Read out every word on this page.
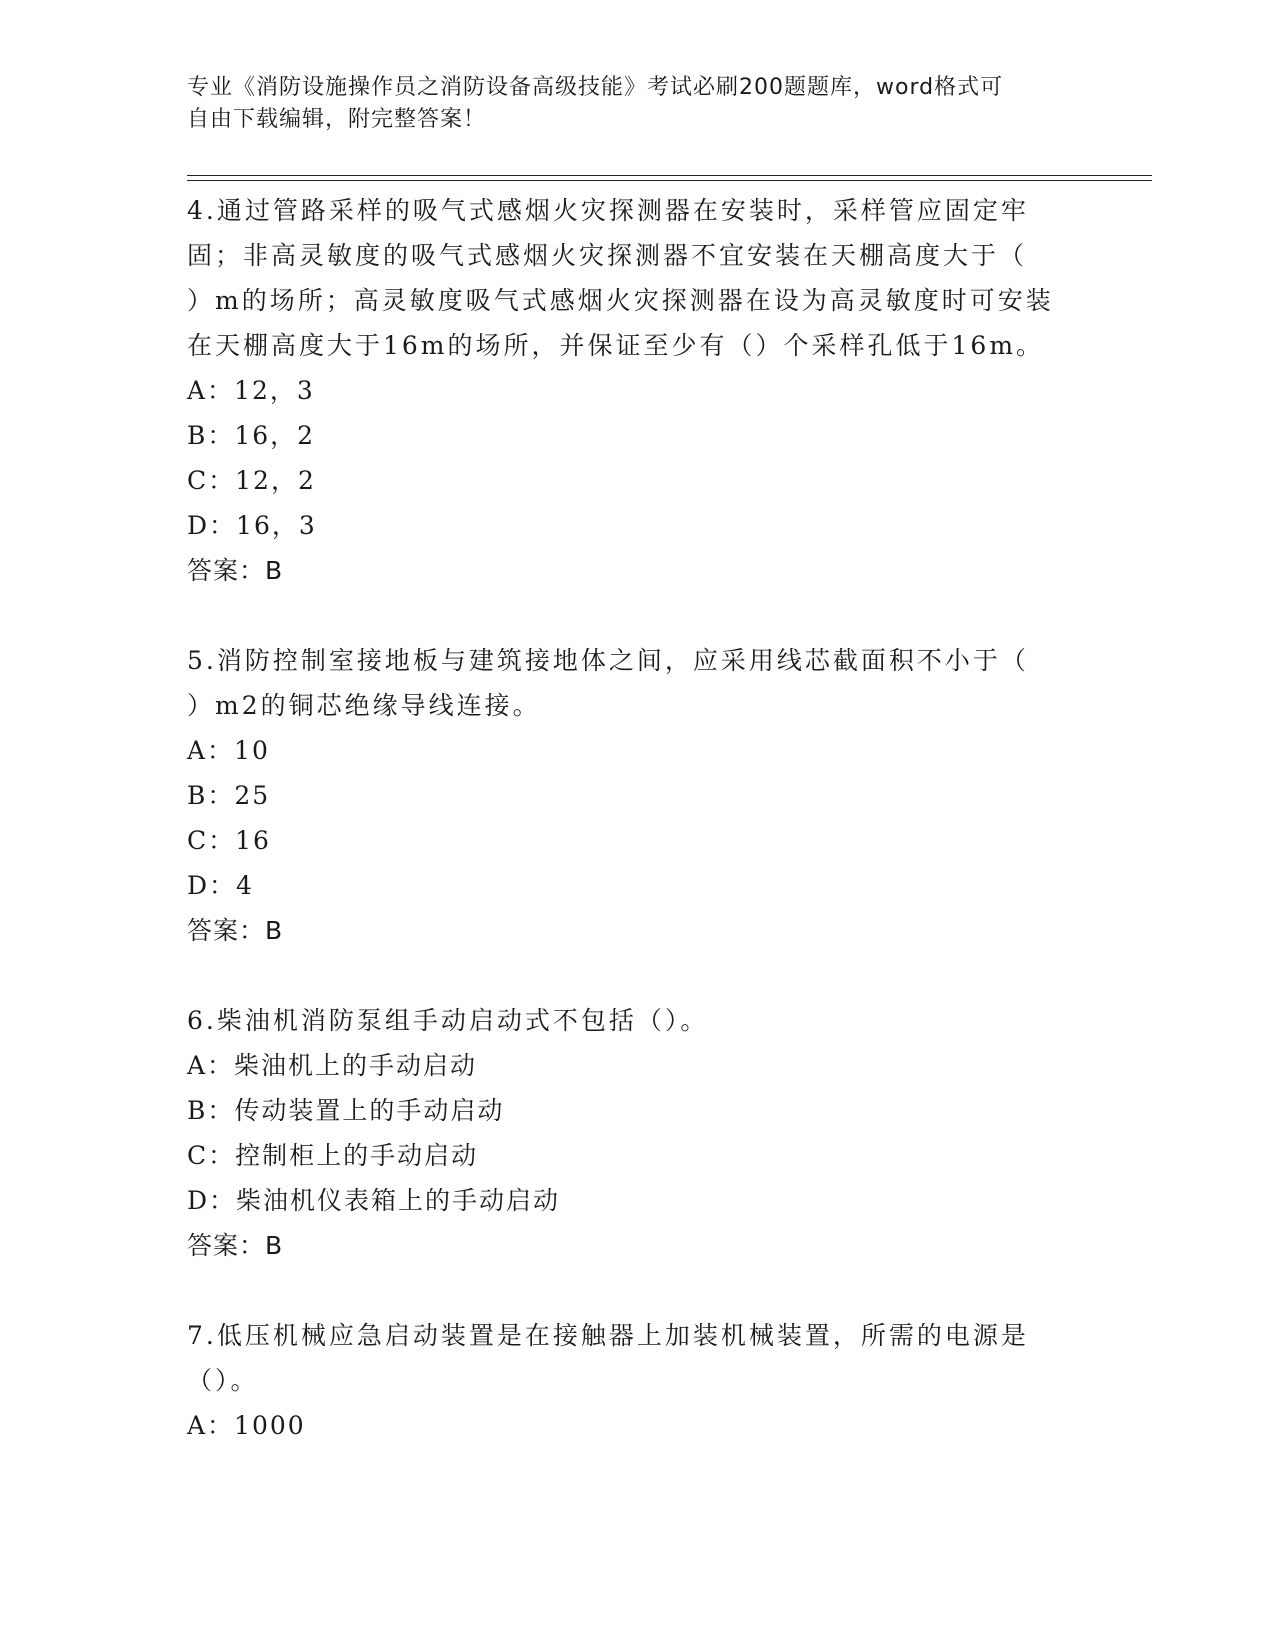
专业《消防设施操作员之消防设备高级技能》考试必刷200题题库，word格式可
自由下载编辑，附完整答案！

4.通过管路采样的吸气式感烟火灾探测器在安装时，采样管应固定牢

固；非高灵敏度的吸气式感烟火灾探测器不宜安装在天棚高度大于（

）m的场所；高灵敏度吸气式感烟火灾探测器在设为高灵敏度时可安装

在天棚高度大于16m的场所，并保证至少有（）个采样孔低于16m。

A：12，3

B：16，2

C：12，2

D：16，3

答案：B

5.消防控制室接地板与建筑接地体之间，应采用线芯截面积不小于（

）m2的铜芯绝缘导线连接。

A：10

B：25

C：16

D：4

答案：B

6.柴油机消防泵组手动启动式不包括（）。

A：柴油机上的手动启动

B：传动装置上的手动启动

C：控制柜上的手动启动

D：柴油机仪表箱上的手动启动

答案：B

7.低压机械应急启动装置是在接触器上加装机械装置，所需的电源是

（）。

A：1000
